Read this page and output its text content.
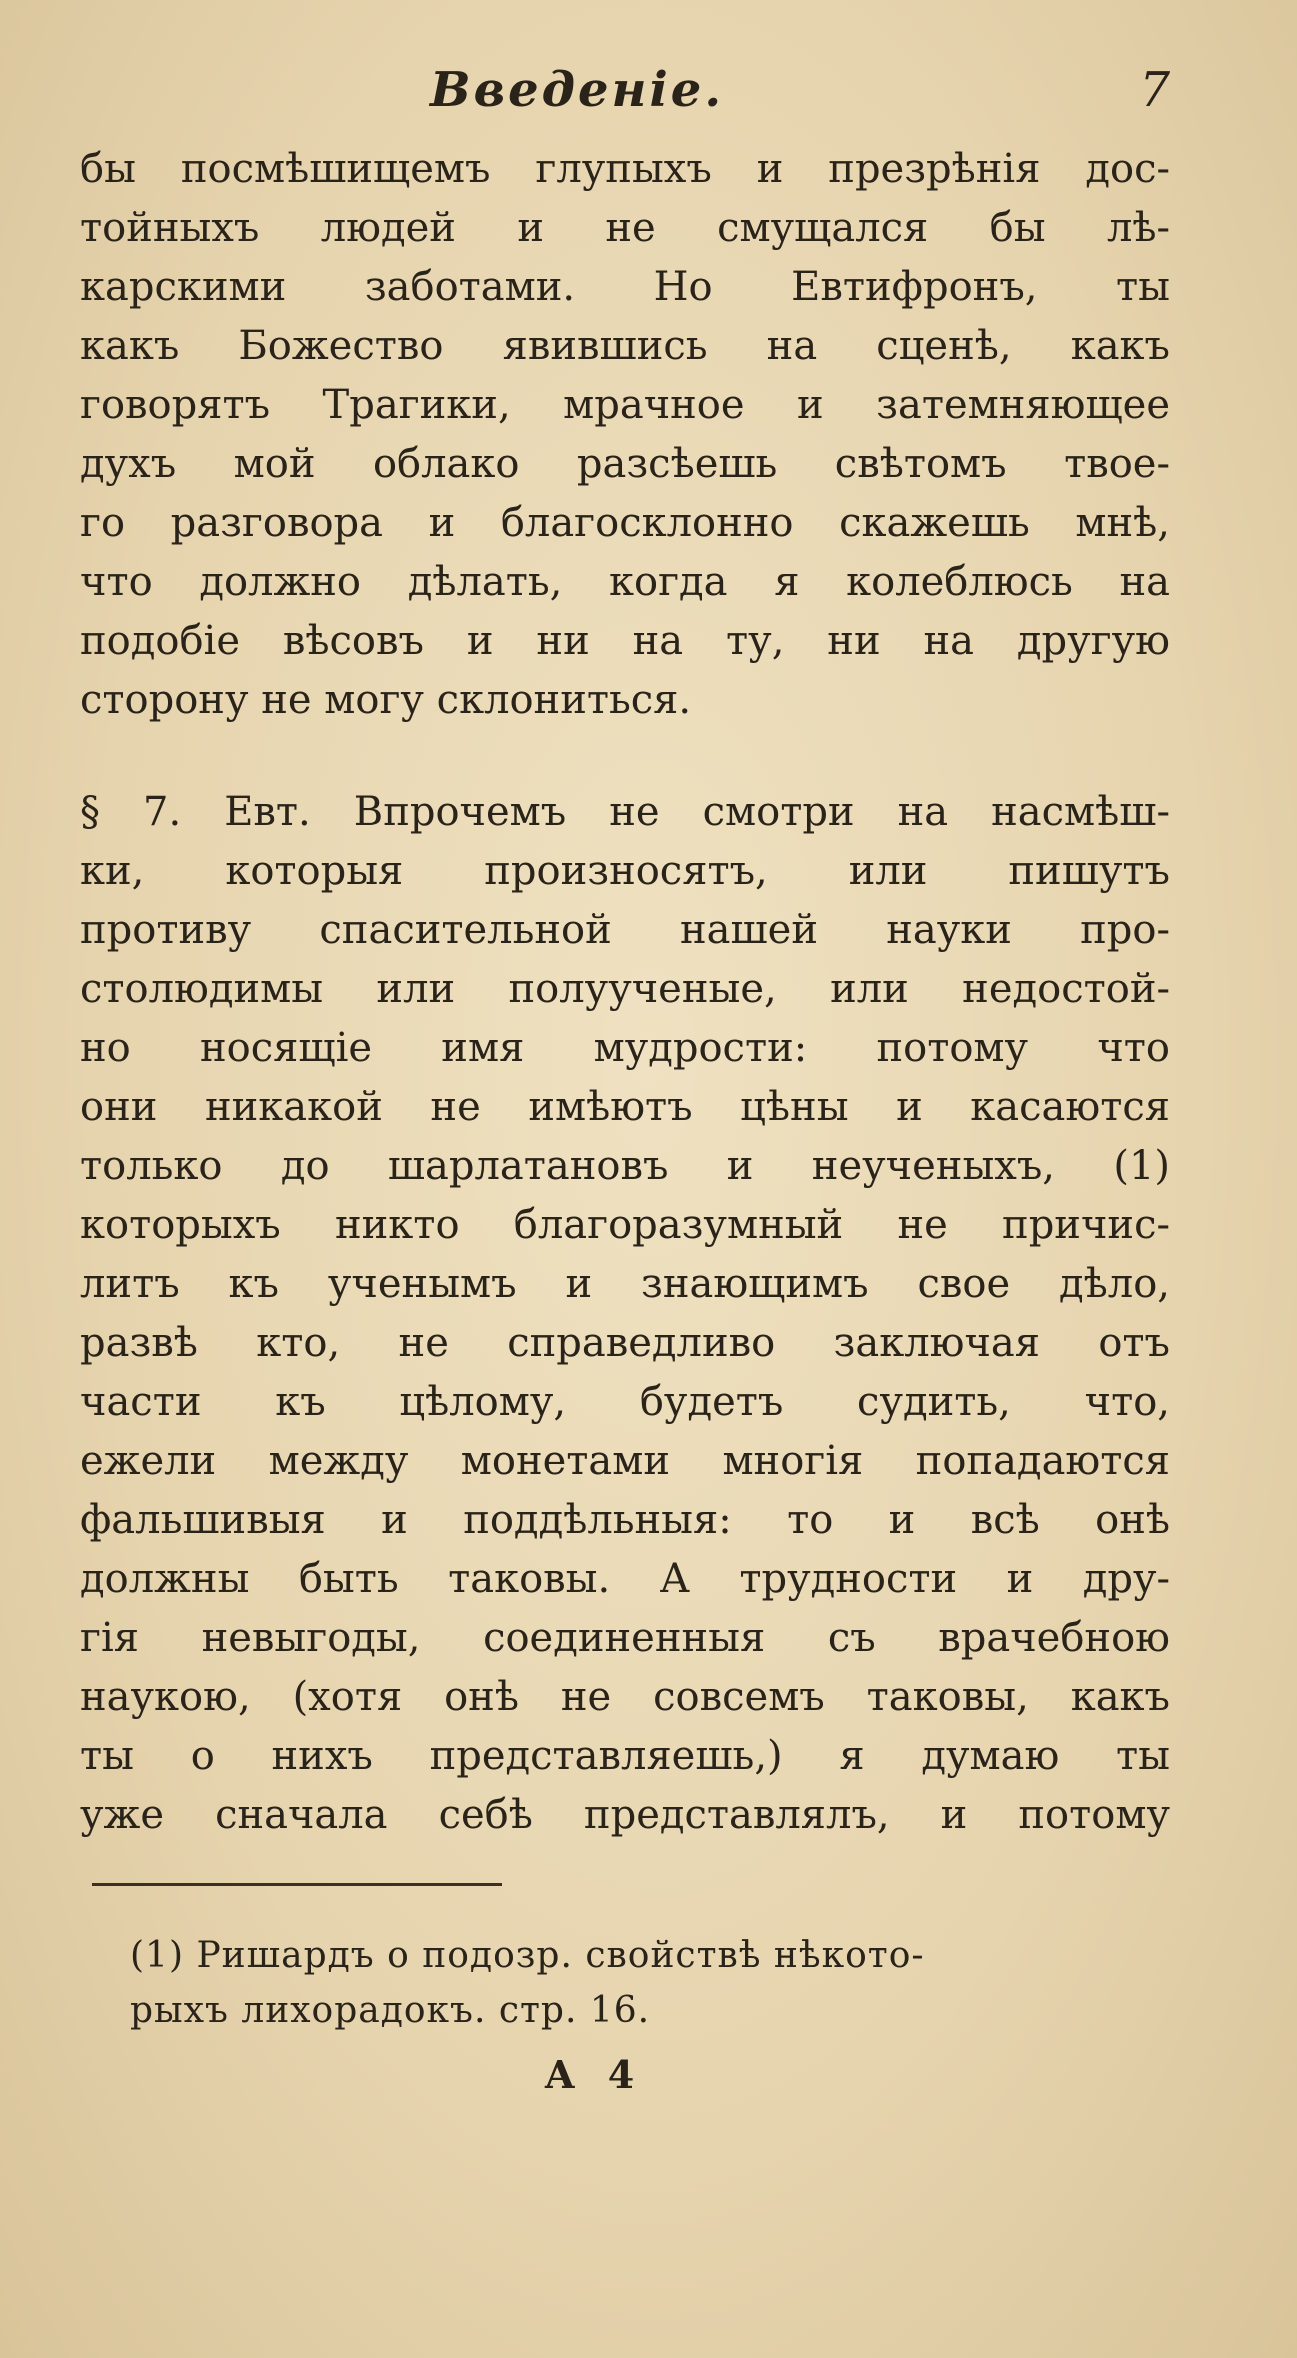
Введенiе.	7
бы посмѣшищемъ глупыхъ и презрѣнiя дос-
тойныхъ людей и не смущался бы лѣ-
карскими заботами. Но Евтифронъ, ты
какъ Божество явившись на сценѣ, какъ
говорятъ Трагики, мрачное и затемняющее
духъ мой облако разсѣешь свѣтомъ твое-
го разговора и благосклонно скажешь мнѣ,
что должно дѣлать, когда я колеблюсь на
подобiе вѣсовъ и ни на ту, ни на другую
сторону не могу склониться.
§ 7. Евт. Впрочемъ не смотри на насмѣш-
ки, которыя произносятъ, или пишутъ
противу спасительной нашей науки про-
столюдимы или полуученые, или недостой-
но носящiе имя мудрости: потому что
они никакой не имѣютъ цѣны и касаются
только до шарлатановъ и неученыхъ, (1)
которыхъ никто благоразумный не причис-
литъ къ ученымъ и знающимъ свое дѣло,
развѣ кто, не справедливо заключая отъ
части къ цѣлому, будетъ судить, что,
ежели между монетами многiя попадаются
фальшивыя и поддѣльныя: то и всѣ онѣ
должны быть таковы. А трудности и дру-
гiя невыгоды, соединенныя съ врачебною
наукою, (хотя онѣ не совсемъ таковы, какъ
ты о нихъ представляешь,) я думаю ты
уже сначала себѣ представлялъ, и потому
(1) Ришардъ о подозр. свойствѣ нѣкото-
рыхъ лихорадокъ. стр. 16.
A 4
